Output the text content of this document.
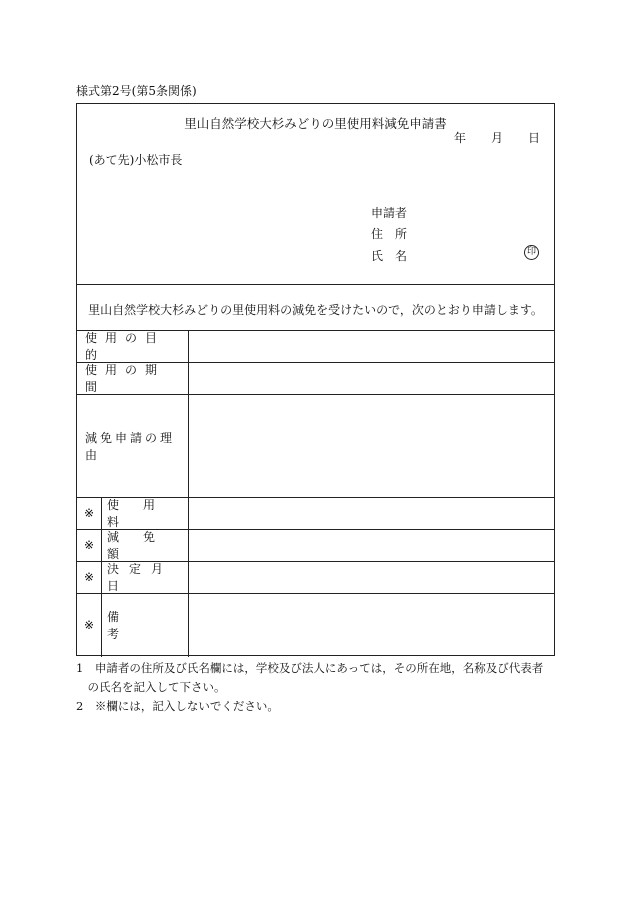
様式第2号(第5条関係)
里山自然学校大杉みどりの里使用料減免申請書
年 月 日
(あて先)小松市長
申請者
住　所
氏　名	印
里山自然学校大杉みどりの里使用料の減免を受けたいので，次のとおり申請します。
使用の目的
使用の期間
減免申請の理由
※
使用料
※
減免額
※
決定月日
※
備考
1　申請者の住所及び氏名欄には，学校及び法人にあっては，その所在地，名称及び代表者
　の氏名を記入して下さい。
2　※欄には，記入しないでください。
